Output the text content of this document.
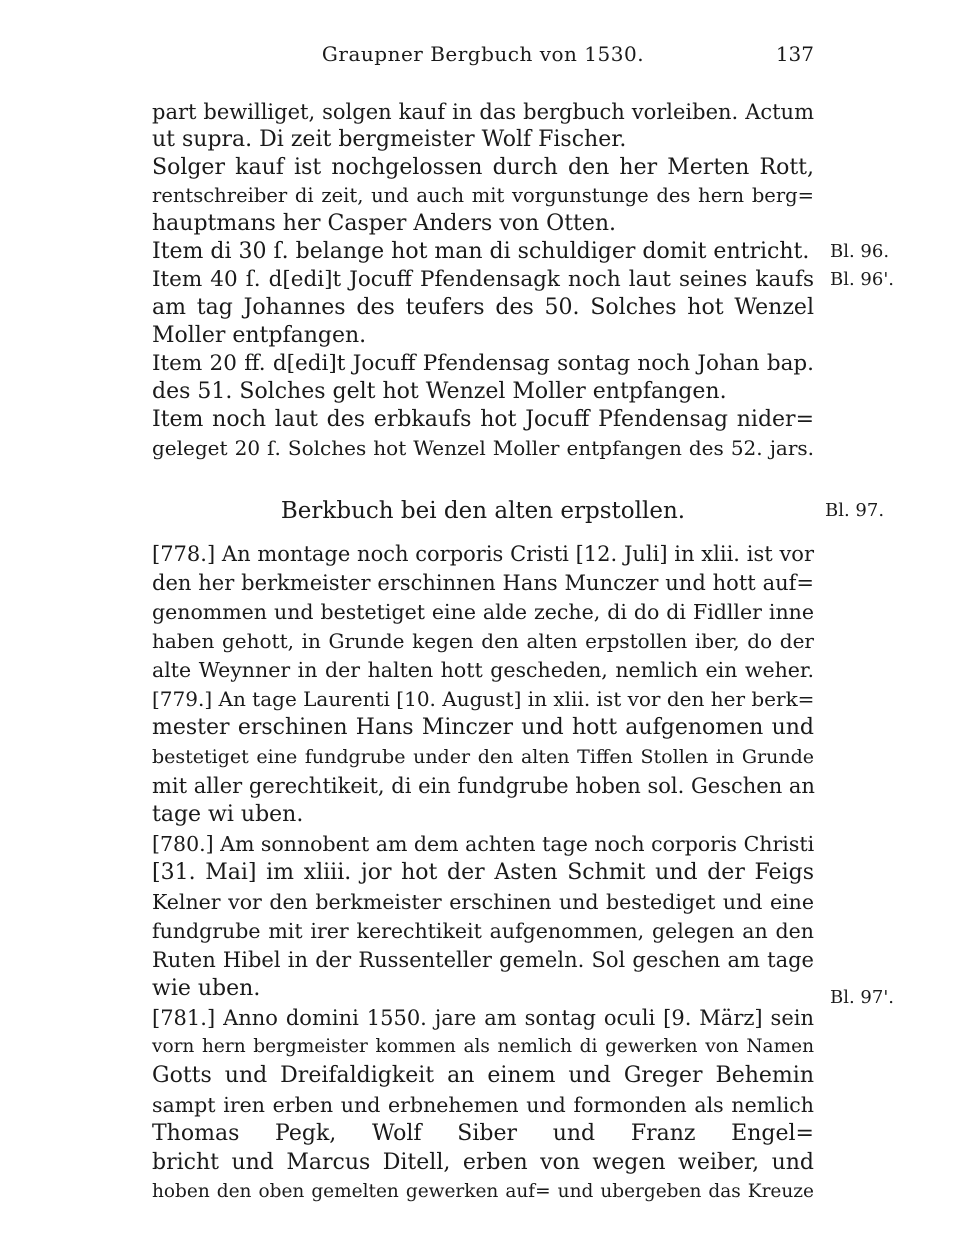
Graupner Bergbuch von 1530.	137
part bewilliget, solgen kauf in das bergbuch vorleiben. Actum
ut supra. Di zeit bergmeister Wolf Fischer.
Solger kauf ist nochgelossen durch den her Merten Rott,
rentschreiber di zeit, und auch mit vorgunstunge des hern berg=
hauptmans her Casper Anders von Otten.
Item di 30 ſ. belange hot man di schuldiger domit entricht.
Item 40 ſ. d[edi]t Jocuff Pfendensagk noch laut seines kaufs
am tag Johannes des teufers des 50. Solches hot Wenzel
Moller entpfangen.
Item 20 ff. d[edi]t Jocuff Pfendensag sontag noch Johan bap.
des 51. Solches gelt hot Wenzel Moller entpfangen.
Item noch laut des erbkaufs hot Jocuff Pfendensag nider=
geleget 20 ſ. Solches hot Wenzel Moller entpfangen des 52. jars.
Bl. 96.
Bl. 96'.
Bl. 97.
Bl. 97'.
Berkbuch bei den alten erpstollen.
[778.] An montage noch corporis Cristi [12. Juli] in xlii. ist vor
den her berkmeister erschinnen Hans Munczer und hott auf=
genommen und bestetiget eine alde zeche, di do di Fidller inne
haben gehott, in Grunde kegen den alten erpstollen iber, do der
alte Weynner in der halten hott gescheden, nemlich ein weher.
[779.] An tage Laurenti [10. August] in xlii. ist vor den her berk=
mester erschinen Hans Minczer und hott aufgenomen und
bestetiget eine fundgrube under den alten Tiffen Stollen in Grunde
mit aller gerechtikeit, di ein fundgrube hoben sol. Geschen an
tage wi uben.
[780.] Am sonnobent am dem achten tage noch corporis Christi
[31. Mai] im xliii. jor hot der Asten Schmit und der Feigs
Kelner vor den berkmeister erschinen und bestediget und eine
fundgrube mit irer kerechtikeit aufgenommen, gelegen an den
Ruten Hibel in der Russenteller gemeln. Sol geschen am tage
wie uben.
[781.] Anno domini 1550. jare am sontag oculi [9. März] sein
vorn hern bergmeister kommen als nemlich di gewerken von Namen
Gotts und Dreifaldigkeit an einem und Greger Behemin
sampt iren erben und erbnehemen und formonden als nemlich
Thomas Pegk, Wolf Siber und Franz Engel=
bricht und Marcus Ditell, erben von wegen weiber, und
hoben den oben gemelten gewerken auf= und ubergeben das Kreuze
